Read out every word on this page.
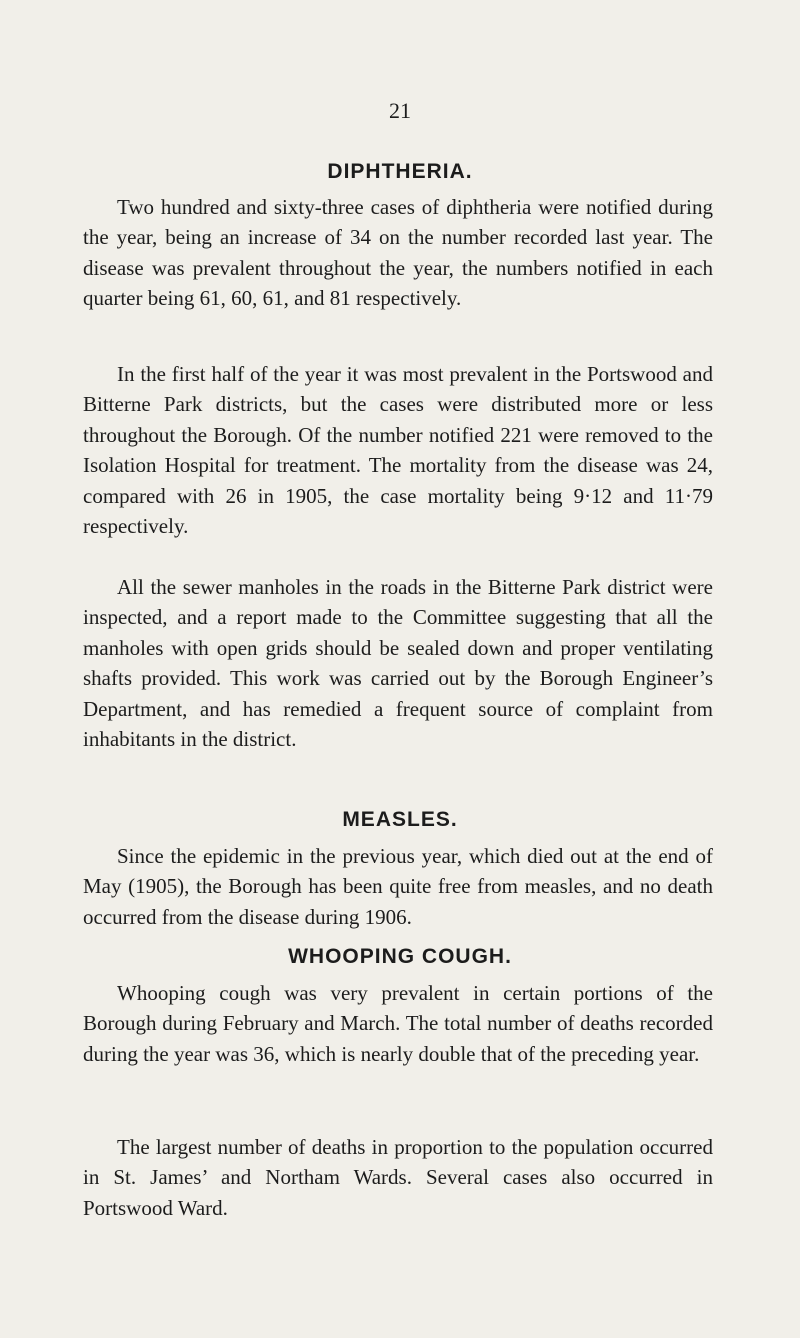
21
DIPHTHERIA.

Two hundred and sixty-three cases of diphtheria were notified during the year, being an increase of 34 on the number recorded last year. The disease was prevalent throughout the year, the numbers notified in each quarter being 61, 60, 61, and 81 respectively.

In the first half of the year it was most prevalent in the Portswood and Bitterne Park districts, but the cases were distributed more or less throughout the Borough. Of the number notified 221 were removed to the Isolation Hospital for treatment. The mortality from the disease was 24, compared with 26 in 1905, the case mortality being 9·12 and 11·79 respectively.

All the sewer manholes in the roads in the Bitterne Park district were inspected, and a report made to the Committee suggesting that all the manholes with open grids should be sealed down and proper ventilating shafts provided. This work was carried out by the Borough Engineer’s Department, and has remedied a frequent source of complaint from inhabitants in the district.

MEASLES.

Since the epidemic in the previous year, which died out at the end of May (1905), the Borough has been quite free from measles, and no death occurred from the disease during 1906.

WHOOPING COUGH.

Whooping cough was very prevalent in certain portions of the Borough during February and March. The total number of deaths recorded during the year was 36, which is nearly double that of the preceding year.

The largest number of deaths in proportion to the population occurred in St. James’ and Northam Wards. Several cases also occurred in Portswood Ward.
